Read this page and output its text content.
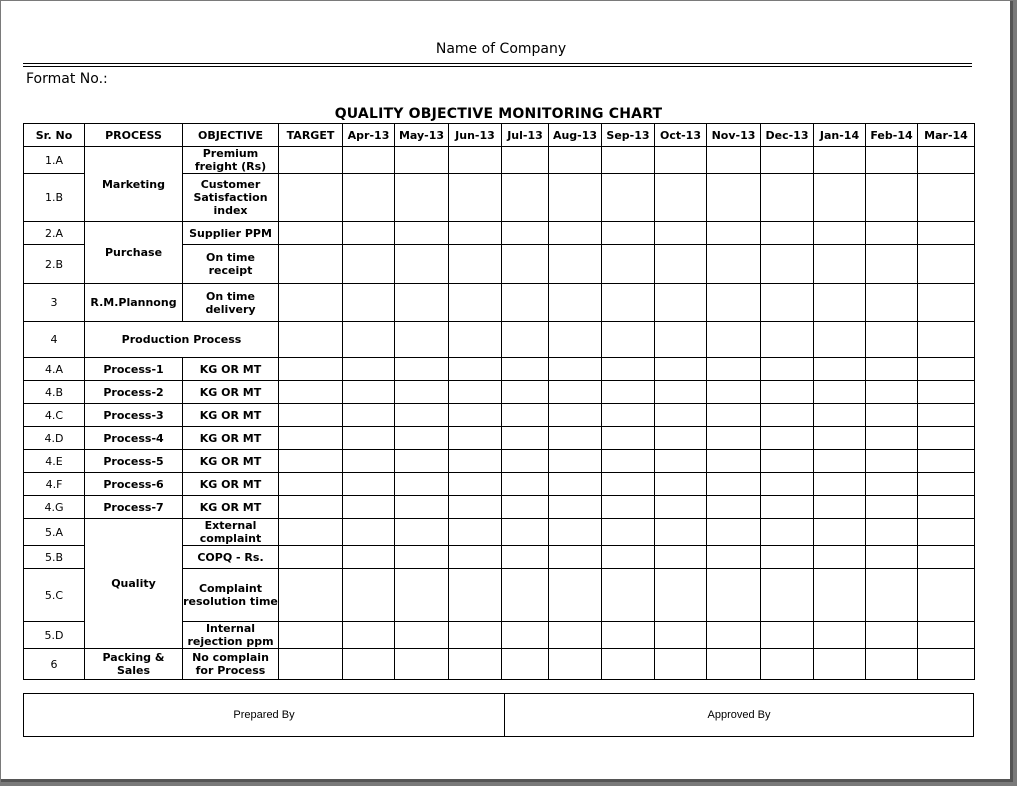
Name of Company
Format No.:
QUALITY OBJECTIVE MONITORING CHART
Sr. No	PROCESS	OBJECTIVE	TARGET	Apr-13	May-13	Jun-13	Jul-13	Aug-13	Sep-13	Oct-13	Nov-13	Dec-13	Jan-14	Feb-14	Mar-14
1.A	Marketing	Premium freight (Rs)													
1.B		Customer Satisfaction index													
2.A	Purchase	Supplier PPM													
2.B		On time receipt													
3	R.M.Plannong	On time delivery													
4	Production Process														
4.A	Process-1	KG OR MT													
4.B	Process-2	KG OR MT													
4.C	Process-3	KG OR MT													
4.D	Process-4	KG OR MT													
4.E	Process-5	KG OR MT													
4.F	Process-6	KG OR MT													
4.G	Process-7	KG OR MT													
5.A	Quality	External complaint													
5.B		COPQ - Rs.													
5.C		Complaint resolution time													
5.D		Internal rejection ppm													
6	Packing & Sales	No complain for Process													
Prepared By	Approved By
